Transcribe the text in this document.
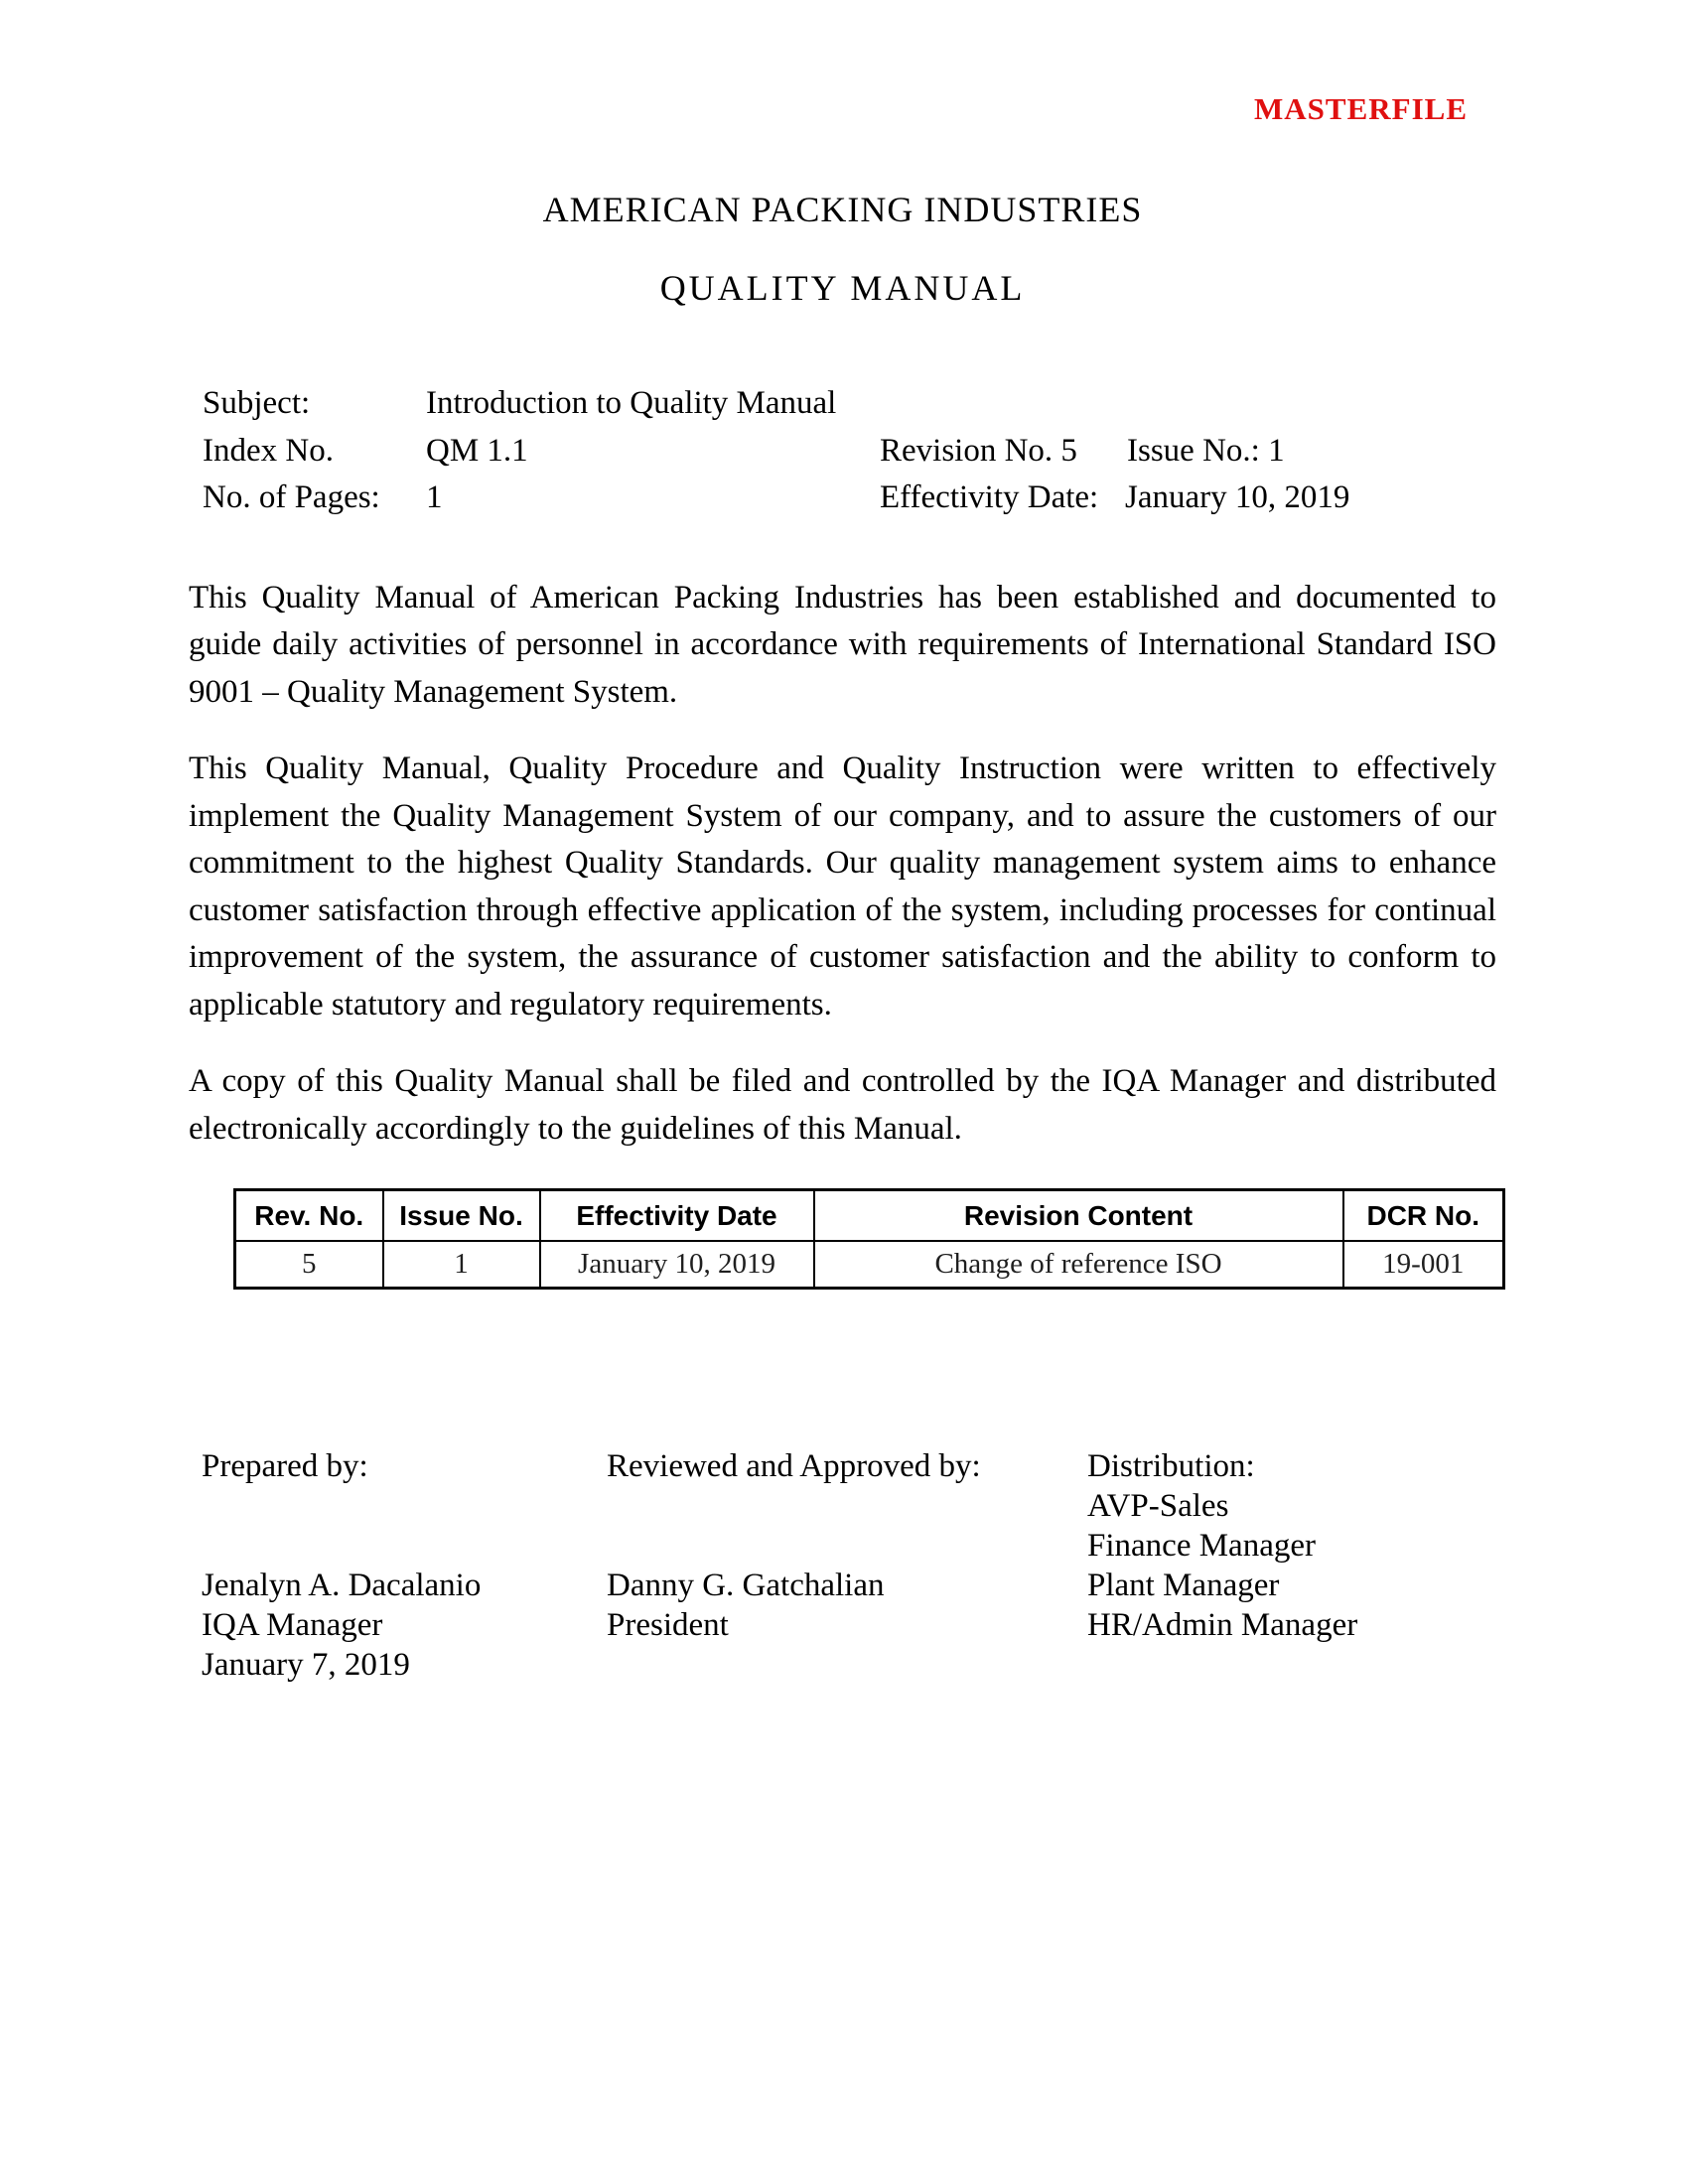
MASTERFILE
AMERICAN PACKING INDUSTRIES
QUALITY MANUAL
Subject:	Introduction to Quality Manual
Index No.	QM 1.1	Revision No. 5 Issue No.: 1
No. of Pages: 1	Effectivity Date: January 10, 2019

This Quality Manual of American Packing Industries has been established and documented to guide daily activities of personnel in accordance with requirements of International Standard ISO 9001 – Quality Management System.

This Quality Manual, Quality Procedure and Quality Instruction were written to effectively implement the Quality Management System of our company, and to assure the customers of our commitment to the highest Quality Standards. Our quality management system aims to enhance customer satisfaction through effective application of the system, including processes for continual improvement of the system, the assurance of customer satisfaction and the ability to conform to applicable statutory and regulatory requirements.

A copy of this Quality Manual shall be filed and controlled by the IQA Manager and distributed electronically accordingly to the guidelines of this Manual.

Rev. No.	Issue No.	Effectivity Date	Revision Content	DCR No.
5	1	January 10, 2019	Change of reference ISO	19-001
Prepared by:
Jenalyn A. Dacalanio
IQA Manager
January 7, 2019
Reviewed and Approved by:
Danny G. Gatchalian
President
Distribution:
AVP-Sales
Finance Manager
Plant Manager
HR/Admin Manager
